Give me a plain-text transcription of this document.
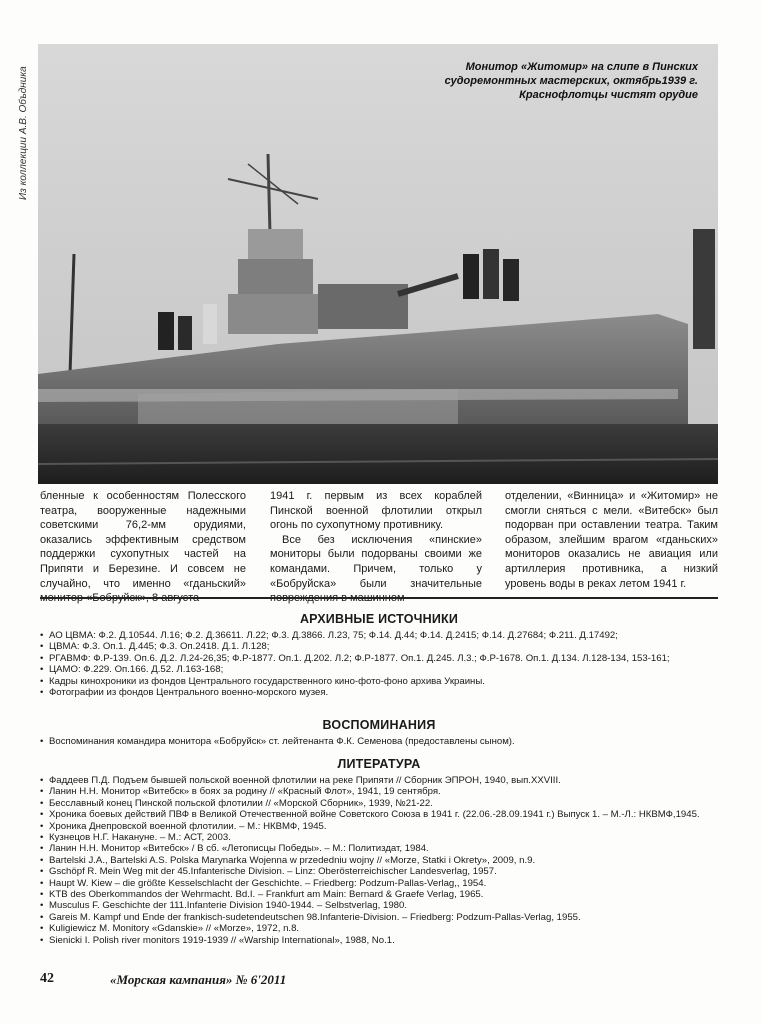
Из коллекции А.В. Объдника	Монитор «Житомир» на слипе в Пинских
судоремонтных мастерских, октябрь1939 г.
Краснофлотцы чистят орудие

бленные к особенностям Полесского театра, вооруженные надежными советскими 76,2-мм орудиями, оказались эффективным средством поддержки сухопутных частей на Припяти и Березине. И совсем не случайно, что именно «гданьский» монитор «Бобруйск», 8 августа

1941 г. первым из всех кораблей Пинской военной флотилии открыл огонь по сухопутному противнику.

Все без исключения «пинские» мониторы были подорваны своими же командами. Причем, только у «Бобруйска» были значительные повреждения в машинном

отделении, «Винница» и «Житомир» не смогли сняться с мели. «Витебск» был подорван при оставлении театра. Таким образом, злейшим врагом «гданьских» мониторов оказались не авиация или артиллерия противника, а низкий уровень воды в реках летом 1941 г.

АРХИВНЫЕ ИСТОЧНИКИ
• АО ЦВМА: Ф.2. Д.10544. Л.16; Ф.2. Д.36611. Л.22; Ф.3. Д.3866. Л.23, 75; Ф.14. Д.44; Ф.14. Д.2415; Ф.14. Д.27684; Ф.211. Д.17492;
• ЦВМА: Ф.3. Оп.1. Д.445; Ф.3. Оп.2418. Д.1. Л.128;
• РГАВМФ: Ф.Р-139. Оп.6. Д.2. Л.24-26,35; Ф.Р-1877. Оп.1. Д.202. Л.2; Ф.Р-1877. Оп.1. Д.245. Л.3.; Ф.Р-1678. Оп.1. Д.134. Л.128-134, 153-161;
• ЦАМО: Ф.229. Оп.166. Д.52. Л.163-168;
• Кадры кинохроники из фондов Центрального государственного кино-фото-фоно архива Украины.
• Фотографии из фондов Центрального военно-морского музея.
ВОСПОМИНАНИЯ
• Воспоминания командира монитора «Бобруйск» ст. лейтенанта Ф.К. Семенова (предоставлены сыном).
ЛИТЕРАТУРА
• Фаддеев П.Д. Подъем бывшей польской военной флотилии на реке Припяти // Сборник ЭПРОН, 1940, вып.XXVIII.
• Ланин Н.Н. Монитор «Витебск» в боях за родину // «Красный Флот», 1941, 19 сентября.
• Бесславный конец Пинской польской флотилии // «Морской Сборник», 1939, №21-22.
• Хроника боевых действий ПВФ в Великой Отечественной войне Советского Союза в 1941 г. (22.06.-28.09.1941 г.) Выпуск 1. – М.-Л.: НКВМФ,1945.
• Хроника Днепровской военной флотилии. – М.: НКВМФ, 1945.
• Кузнецов Н.Г. Накануне. – М.: АСТ, 2003.
• Ланин Н.Н. Монитор «Витебск» / В сб. «Летописцы Победы». – М.: Политиздат, 1984.
• Bartelski J.A., Bartelski A.S. Polska Marynarka Wojenna w przededniu wojny // «Morze, Statki i Okrety», 2009, n.9.
• Gschöpf R. Mein Weg mit der 45.Infanterische Division. – Linz: Oberösterreichischer Landesverlag, 1957.
• Haupt W. Kiew – die größte Kesselschlacht der Geschichte. – Friedberg: Podzum-Pallas-Verlag,, 1954.
• KTB des Oberkommandos der Wehrmacht. Bd.I. – Frankfurt am Main: Bernard & Graefe Verlag, 1965.
• Musculus F. Geschichte der 111.Infanterie Division 1940-1944. – Selbstverlag, 1980.
• Gareis M. Kampf und Ende der frankisch-sudetendeutschen 98.Infanterie-Division. – Friedberg: Podzum-Pallas-Verlag, 1955.
• Kuligiewicz M. Monitory «Gdanskie» // «Morze», 1972, n.8.
• Sienicki I. Polish river monitors 1919-1939 // «Warship International», 1988, No.1.
42	«Морская кампания» № 6'2011
